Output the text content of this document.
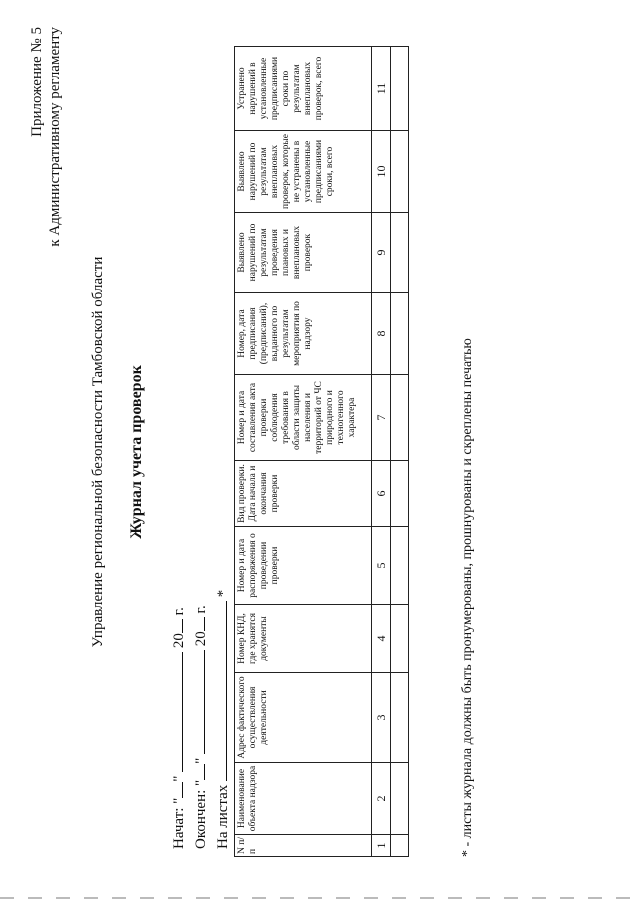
Приложение № 5 к Административному регламенту
Управление региональной безопасности Тамбовской области Журнал учета проверок
Начат: ""  20 г.
Окончен: ""  20 г.
На листах  *
N п/ п	Наименование объекта надзора	Адрес фактического осуществления деятельности	Номер КНД, где хранятся документы	Номер и дата распоряжения о проведении проверки	Вид проверки. Дата начала и окончания проверки	Номер и дата составления акта проверки соблюдения требования в области защиты населения и территорий от ЧС природного и техногенного характера	Номер, дата предписания (предписаний), выданного по результатам мероприятия по надзору	Выявлено нарушений по результатам проведения плановых и внеплановых проверок	Выявлено нарушений по результатам внеплановых проверок, которые не устранены в установленные предписаниями сроки, всего	Устранено нарушений в установленные предписаниями сроки по результатам внеплановых проверок, всего
1	2	3	4	5	6	7	8	9	10	11

* - листы журнала должны быть пронумерованы, прошнурованы и скреплены печатью
